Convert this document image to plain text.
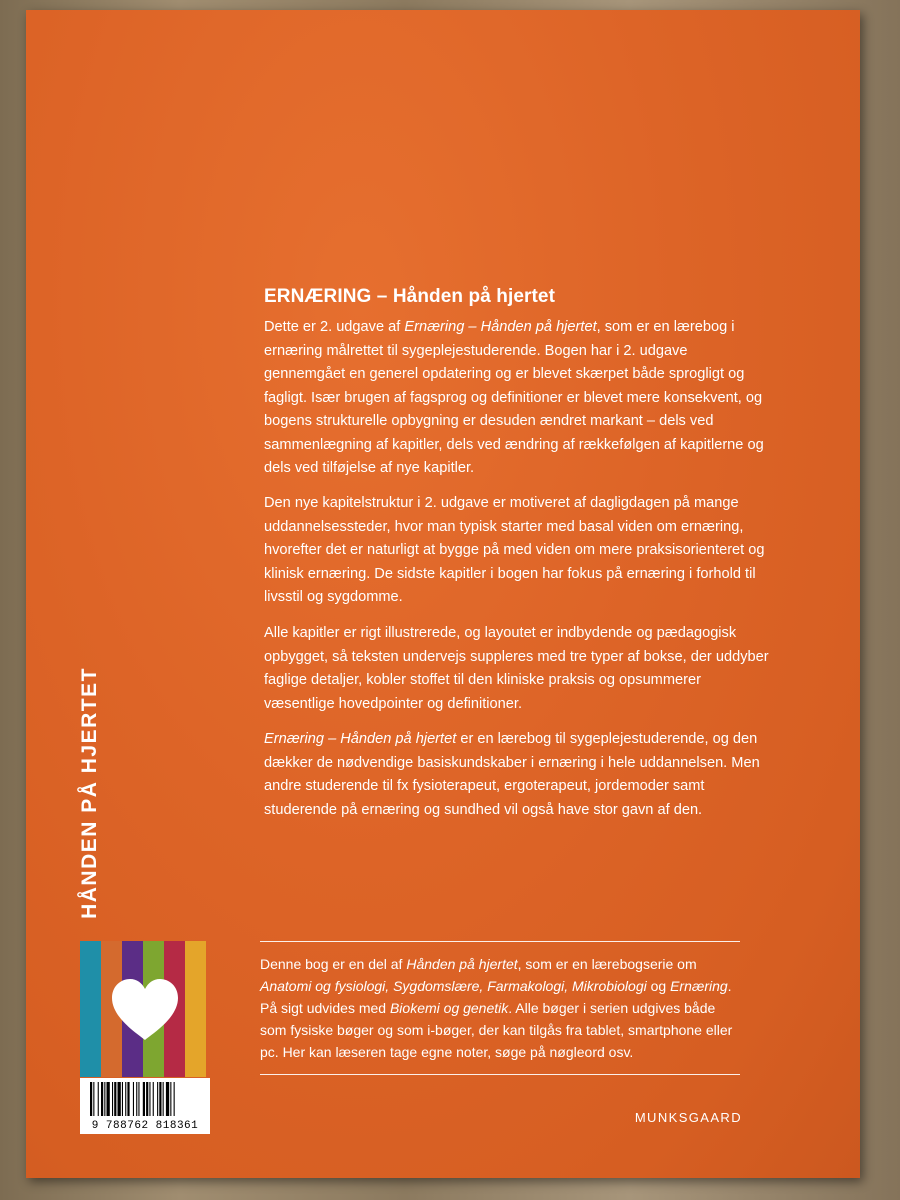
ERNÆRING – Hånden på hjertet
Dette er 2. udgave af Ernæring – Hånden på hjertet, som er en lærebog i ernæring målrettet til sygeplejestuderende. Bogen har i 2. udgave gennemgået en generel opdatering og er blevet skærpet både sprogligt og fagligt. Især brugen af fagsprog og definitioner er blevet mere konsekvent, og bogens strukturelle opbygning er desuden ændret markant – dels ved sammenlægning af kapitler, dels ved ændring af rækkefølgen af kapitlerne og dels ved tilføjelse af nye kapitler.
Den nye kapitelstruktur i 2. udgave er motiveret af dagligdagen på mange uddannelsessteder, hvor man typisk starter med basal viden om ernæring, hvorefter det er naturligt at bygge på med viden om mere praksisorienteret og klinisk ernæring. De sidste kapitler i bogen har fokus på ernæring i forhold til livsstil og sygdomme.
Alle kapitler er rigt illustrerede, og layoutet er indbydende og pædagogisk opbygget, så teksten undervejs suppleres med tre typer af bokse, der uddyber faglige detaljer, kobler stoffet til den kliniske praksis og opsummerer væsentlige hovedpointer og definitioner.
Ernæring – Hånden på hjertet er en lærebog til sygeplejestuderende, og den dækker de nødvendige basiskundskaber i ernæring i hele uddannelsen. Men andre studerende til fx fysioterapeut, ergoterapeut, jordemoder samt studerende på ernæring og sundhed vil også have stor gavn af den.
HÅNDEN PÅ HJERTET
9 788762 818361
Denne bog er en del af Hånden på hjertet, som er en lærebogserie om Anatomi og fysiologi, Sygdomslære, Farmakologi, Mikrobiologi og Ernæring. På sigt udvides med Biokemi og genetik. Alle bøger i serien udgives både som fysiske bøger og som i-bøger, der kan tilgås fra tablet, smartphone eller pc. Her kan læseren tage egne noter, søge på nøgleord osv.
MUNKSGAARD
